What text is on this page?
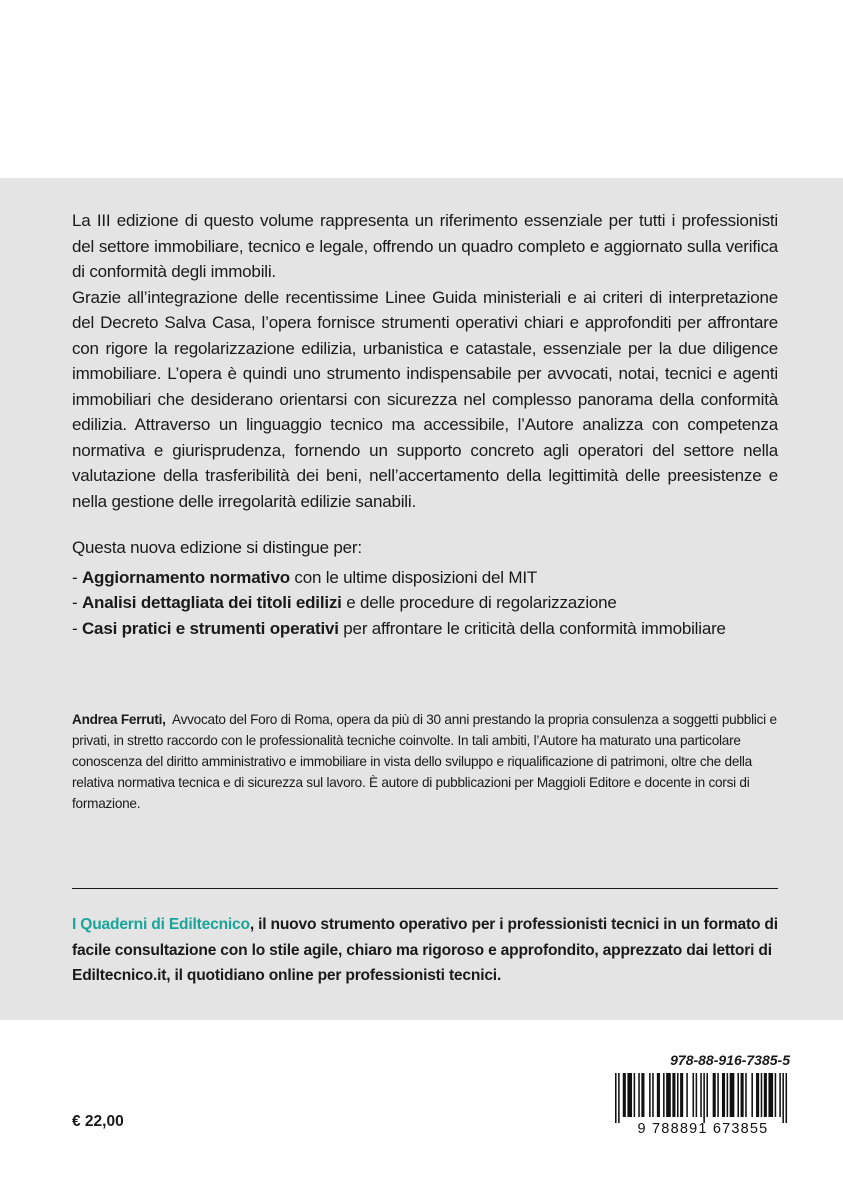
La III edizione di questo volume rappresenta un riferimento essenziale per tutti i professionisti del settore immobiliare, tecnico e legale, offrendo un quadro completo e aggiornato sulla verifica di conformità degli immobili.

Grazie all’integrazione delle recentissime Linee Guida ministeriali e ai criteri di interpretazione del Decreto Salva Casa, l’opera fornisce strumenti operativi chiari e approfonditi per affrontare con rigore la regolarizzazione edilizia, urbanistica e catastale, essenziale per la due diligence immobiliare. L’opera è quindi uno strumento indispensabile per avvocati, notai, tecnici e agenti immobiliari che desiderano orientarsi con sicurezza nel complesso panorama della conformità edilizia. Attraverso un linguaggio tecnico ma accessibile, l’Autore analizza con competenza normativa e giurisprudenza, fornendo un supporto concreto agli operatori del settore nella valutazione della trasferibilità dei beni, nell’accertamento della legittimità delle preesistenze e nella gestione delle irregolarità edilizie sanabili.

Questa nuova edizione si distingue per:

- Aggiornamento normativo con le ultime disposizioni del MIT

- Analisi dettagliata dei titoli edilizi e delle procedure di regolarizzazione

- Casi pratici e strumenti operativi per affrontare le criticità della conformità immobiliare

Andrea Ferruti, Avvocato del Foro di Roma, opera da più di 30 anni prestando la propria consulenza a soggetti pubblici e privati, in stretto raccordo con le professionalità tecniche coinvolte. In tali ambiti, l’Autore ha maturato una particolare conoscenza del diritto amministrativo e immobiliare in vista dello sviluppo e riqualificazione di patrimoni, oltre che della relativa normativa tecnica e di sicurezza sul lavoro. È autore di pubblicazioni per Maggioli Editore e docente in corsi di formazione.

I Quaderni di Ediltecnico, il nuovo strumento operativo per i professionisti tecnici in un formato di facile consultazione con lo stile agile, chiaro ma rigoroso e approfondito, apprezzato dai lettori di Ediltecnico.it, il quotidiano online per professionisti tecnici.

978-88-916-7385-5

9 788891 673855

€ 22,00
